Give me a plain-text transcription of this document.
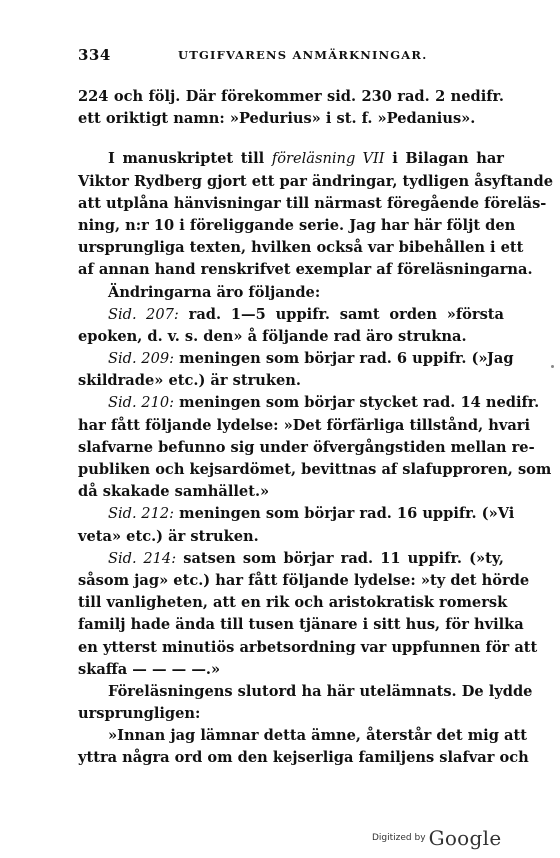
334	UTGIFVARENS ANMÄRKNINGAR.
224 och följ. Där förekommer sid. 230 rad. 2 nedifr.
ett oriktigt namn: »Pedurius» i st. f. »Pedanius».
I manuskriptet till föreläsning VII i Bilagan har
Viktor Rydberg gjort ett par ändringar, tydligen åsyftande
att utplåna hänvisningar till närmast föregående föreläs-
ning, n:r 10 i föreliggande serie. Jag har här följt den
ursprungliga texten, hvilken också var bibehållen i ett
af annan hand renskrifvet exemplar af föreläsningarna.
Ändringarna äro följande:
Sid. 207: rad. 1—5 uppifr. samt orden »första
epoken, d. v. s. den» å följande rad äro strukna.
Sid. 209: meningen som börjar rad. 6 uppifr. (»Jag
skildrade» etc.) är struken.
Sid. 210: meningen som börjar stycket rad. 14 nedifr.
har fått följande lydelse: »Det förfärliga tillstånd, hvari
slafvarne befunno sig under öfvergångstiden mellan re-
publiken och kejsardömet, bevittnas af slafupproren, som
då skakade samhället.»
Sid. 212: meningen som börjar rad. 16 uppifr. (»Vi
veta» etc.) är struken.
Sid. 214: satsen som börjar rad. 11 uppifr. (»ty,
såsom jag» etc.) har fått följande lydelse: »ty det hörde
till vanligheten, att en rik och aristokratisk romersk
familj hade ända till tusen tjänare i sitt hus, för hvilka
en ytterst minutiös arbetsordning var uppfunnen för att
skaffa — — — —.»
Föreläsningens slutord ha här utelämnats. De lydde
ursprungligen:
»Innan jag lämnar detta ämne, återstår det mig att
yttra några ord om den kejserliga familjens slafvar och
Digitized by Google
